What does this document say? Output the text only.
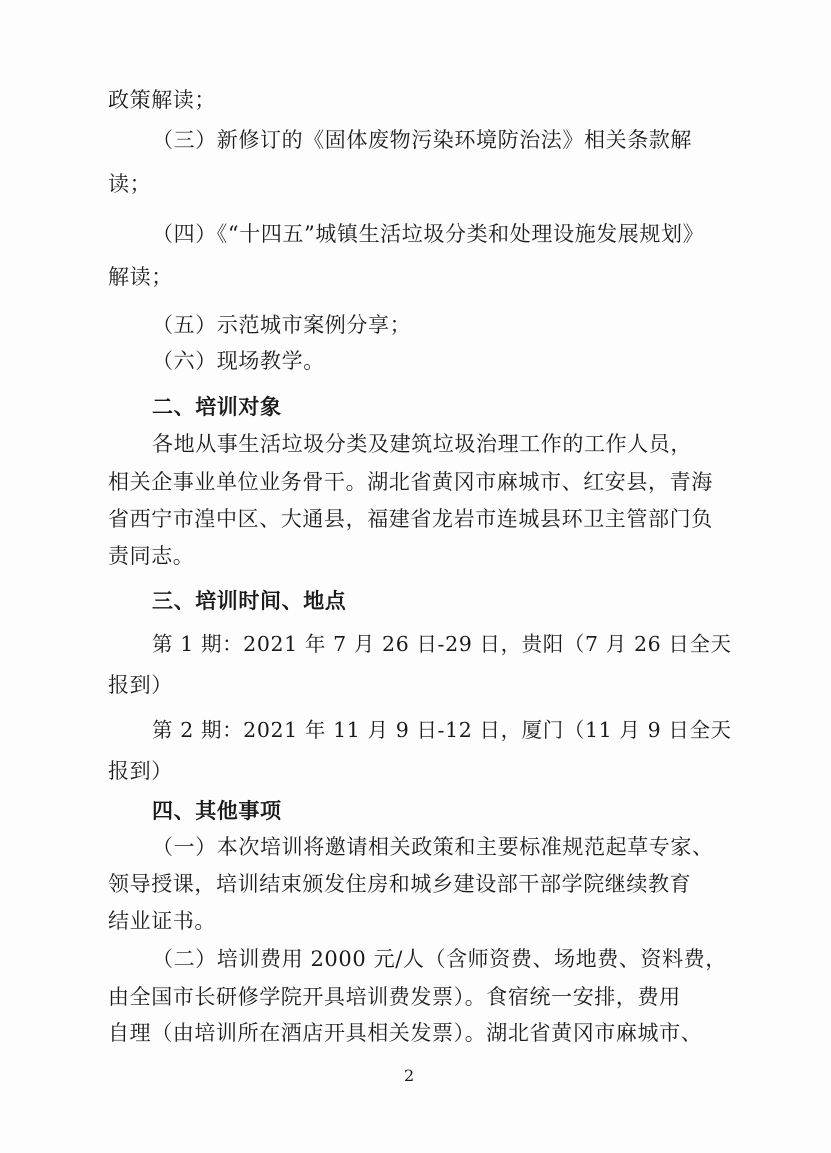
政策解读；
（三）新修订的《固体废物污染环境防治法》相关条款解
读；
（四）《“十四五”城镇生活垃圾分类和处理设施发展规划》
解读；
（五）示范城市案例分享；
（六）现场教学。
二、培训对象
各地从事生活垃圾分类及建筑垃圾治理工作的工作人员，
相关企事业单位业务骨干。湖北省黄冈市麻城市、红安县，青海
省西宁市湟中区、大通县，福建省龙岩市连城县环卫主管部门负
责同志。
三、培训时间、地点
第 1 期：2021 年 7 月 26 日-29 日，贵阳（7 月 26 日全天
报到）
第 2 期：2021 年 11 月 9 日-12 日，厦门（11 月 9 日全天
报到）
四、其他事项
（一）本次培训将邀请相关政策和主要标准规范起草专家、
领导授课，培训结束颁发住房和城乡建设部干部学院继续教育
结业证书。
（二）培训费用 2000 元/人（含师资费、场地费、资料费，
由全国市长研修学院开具培训费发票）。食宿统一安排，费用
自理（由培训所在酒店开具相关发票）。湖北省黄冈市麻城市、
2
